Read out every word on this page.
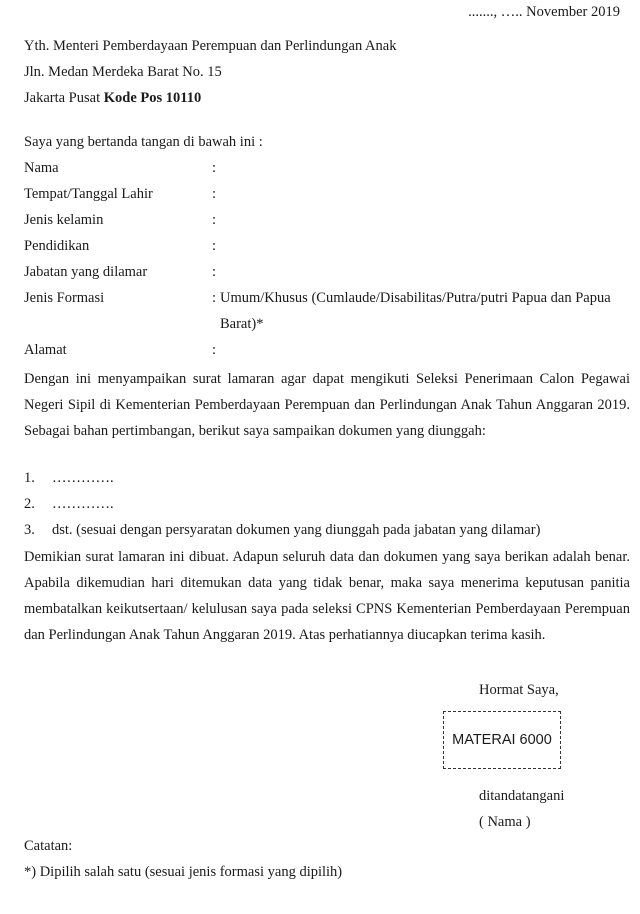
......., ….. November 2019
Yth. Menteri Pemberdayaan Perempuan dan Perlindungan Anak
Jln. Medan Merdeka Barat No. 15
Jakarta Pusat Kode Pos 10110
Saya yang bertanda tangan di bawah ini :
Nama	:
Tempat/Tanggal Lahir	:
Jenis kelamin	:
Pendidikan	:
Jabatan yang dilamar	:
Jenis Formasi	: Umum/Khusus (Cumlaude/Disabilitas/Putra/putri Papua dan Papua
Barat)*
Alamat	:
Dengan ini menyampaikan surat lamaran agar dapat mengikuti Seleksi Penerimaan Calon Pegawai Negeri Sipil di Kementerian Pemberdayaan Perempuan dan Perlindungan Anak Tahun Anggaran 2019. Sebagai bahan pertimbangan, berikut saya sampaikan dokumen yang diunggah:
1. ………….
2. ………….
3. dst. (sesuai dengan persyaratan dokumen yang diunggah pada jabatan yang dilamar)
Demikian surat lamaran ini dibuat. Adapun seluruh data dan dokumen yang saya berikan adalah benar. Apabila dikemudian hari ditemukan data yang tidak benar, maka saya menerima keputusan panitia membatalkan keikutsertaan/ kelulusan saya pada seleksi CPNS Kementerian Pemberdayaan Perempuan dan Perlindungan Anak Tahun Anggaran 2019. Atas perhatiannya diucapkan terima kasih.
Hormat Saya,
MATERAI 6000
ditandatangani
( Nama )
Catatan:
*) Dipilih salah satu (sesuai jenis formasi yang dipilih)
